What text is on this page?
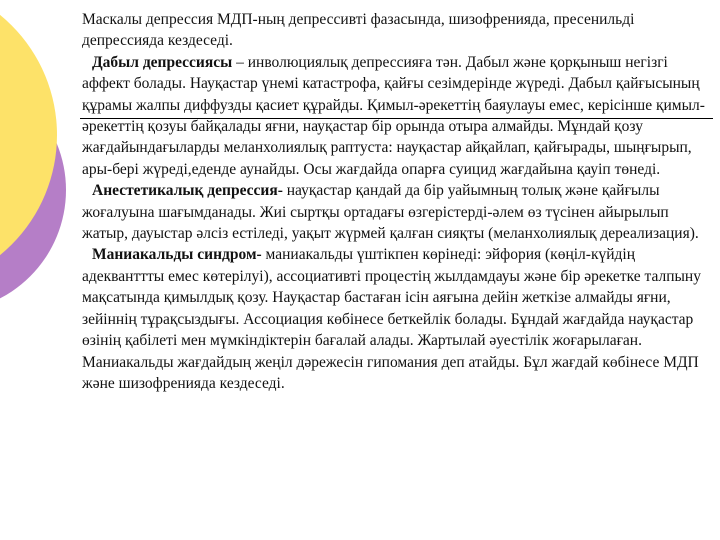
Маскалы депрессия МДП-ның депрессивті фазасында, шизофренияда, пресенильді депрессияда кездеседі.

Дабыл депрессиясы – инволюциялық депрессияға тән. Дабыл және қорқыныш негізгі аффект болады. Науқастар үнемі катастрофа, қайғы сезімдерінде жүреді. Дабыл қайғысының құрамы жалпы диффузды қасиет құрайды. Қимыл-әрекеттің баяулауы емес, керісінше қимыл-әрекеттің қозуы байқалады яғни, науқастар бір орында отыра алмайды. Мұндай қозу жағдайындағыларды меланхолиялық раптуста: науқастар айқайлап, қайғырады, шыңғырып, ары-бері жүреді,еденде аунайды. Осы жағдайда опарға суицид жағдайына қауіп төнеді.

Анестетикалық депрессия- науқастар қандай да бір уайымның толық және қайғылы жоғалуына шағымданады. Жиі сыртқы ортадағы өзгерістерді-әлем өз түсінен айырылып жатыр, дауыстар әлсіз естіледі, уақыт жүрмей қалған сияқты (меланхолиялық дереализация).

Маниакальды синдром- маниакальды үштікпен көрінеді: эйфория (көңіл-күйдің адекванттты емес көтерілуі), ассоциативті процестің жылдамдауы және бір әрекетке талпыну мақсатында қимылдық қозу. Науқастар бастаған ісін аяғына дейін жеткізе алмайды яғни, зейіннің тұрақсыздығы. Ассоциация көбінесе беткейлік болады. Бұндай жағдайда науқастар өзінің қабілеті мен мүмкіндіктерін бағалай алады. Жартылай әуестілік жоғарылаған. Маниакальды жағдайдың жеңіл дәрежесін гипомания деп атайды. Бұл жағдай көбінесе МДП және шизофренияда кездеседі.
